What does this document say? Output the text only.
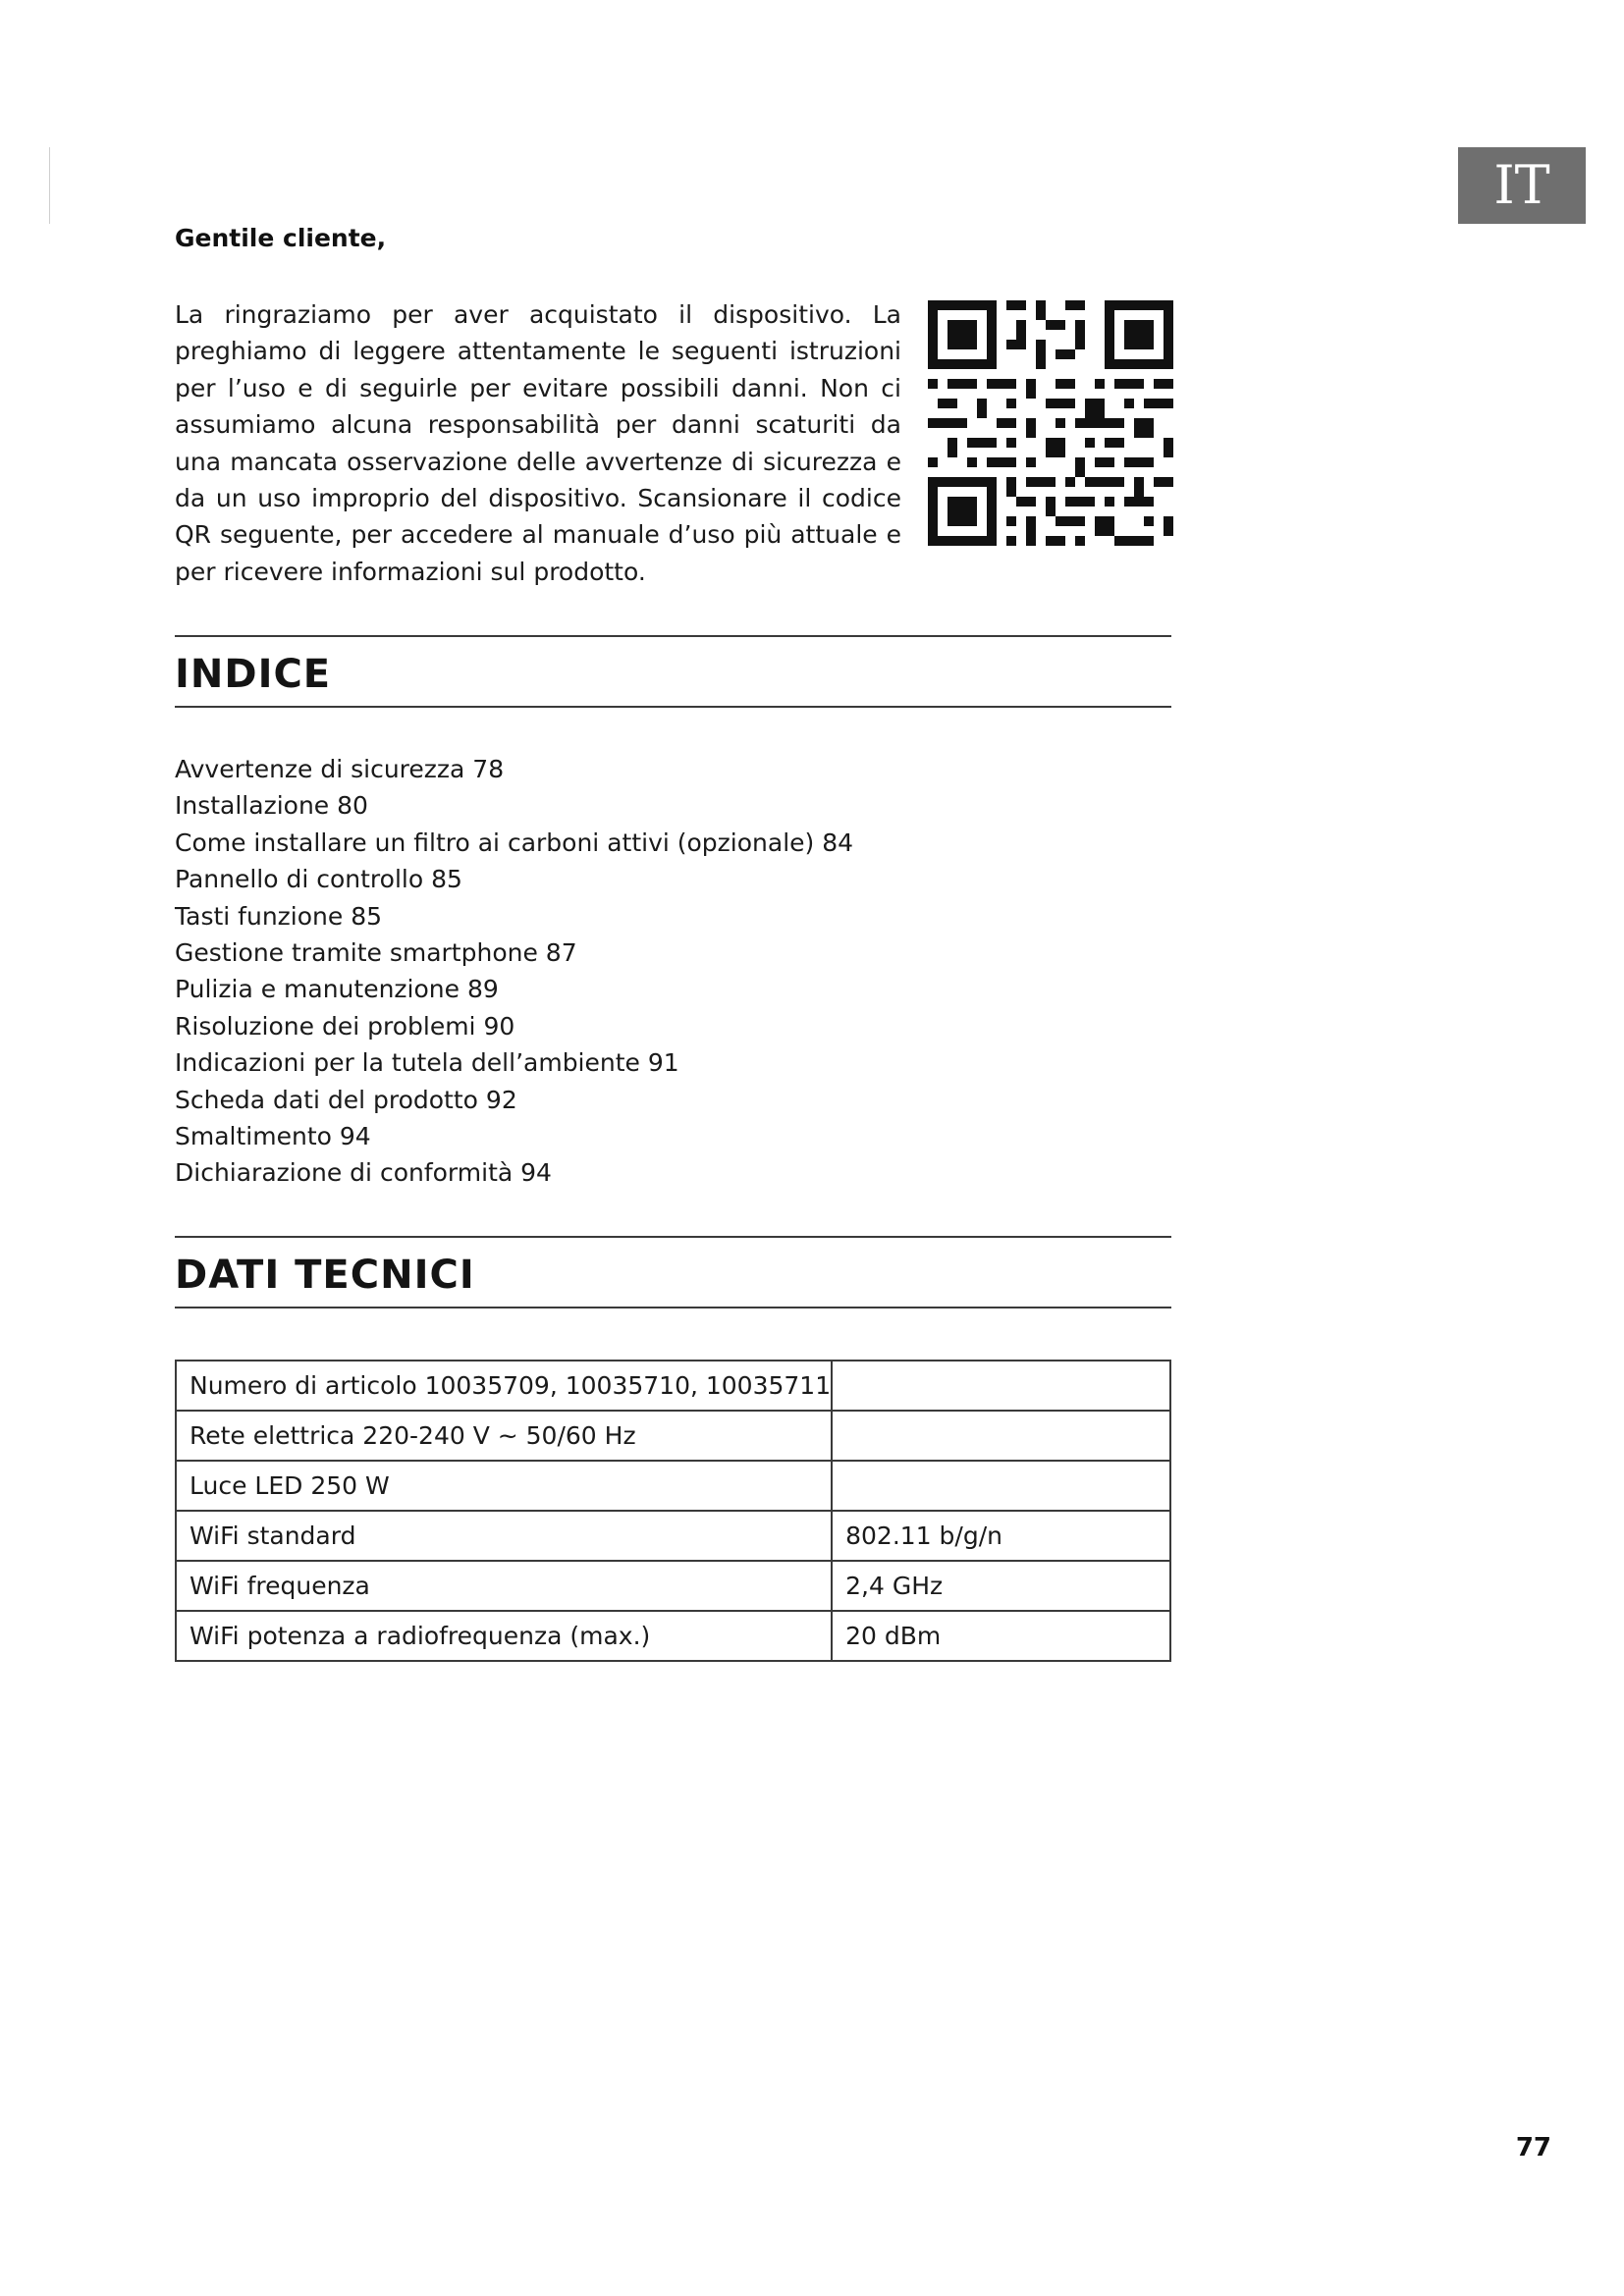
IT
Gentile cliente,

La ringraziamo per aver acquistato il dispositivo. La preghiamo di leggere attentamente le seguenti istruzioni per l’uso e di seguirle per evitare possibili danni. Non ci assumiamo alcuna responsabilità per danni scaturiti da una mancata osservazione delle avvertenze di sicurezza e da un uso improprio del dispositivo. Scansionare il codice QR seguente, per accedere al manuale d’uso più attuale e per ricevere informazioni sul prodotto.

INDICE
Avvertenze di sicurezza 78
Installazione 80
Come installare un filtro ai carboni attivi (opzionale) 84
Pannello di controllo 85
Tasti funzione 85
Gestione tramite smartphone 87
Pulizia e manutenzione 89
Risoluzione dei problemi 90
Indicazioni per la tutela dell’ambiente 91
Scheda dati del prodotto 92
Smaltimento 94
Dichiarazione di conformità 94
DATI TECNICI
Numero di articolo 10035709, 10035710, 10035711	
Rete elettrica 220-240 V ~ 50/60 Hz	
Luce LED 250 W	
WiFi standard	802.11 b/g/n
WiFi frequenza	2,4 GHz
WiFi potenza a radiofrequenza (max.)	20 dBm
77
